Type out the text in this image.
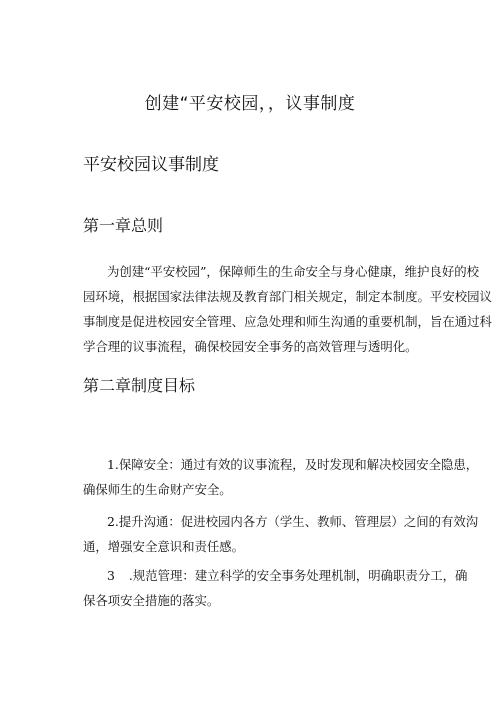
创建“平安校园，，议事制度
平安校园议事制度
第一章总则
为创建“平安校园”，保障师生的生命安全与身心健康，维护良好的校
园环境，根据国家法律法规及教育部门相关规定，制定本制度。平安校园议
事制度是促进校园安全管理、应急处理和师生沟通的重要机制，旨在通过科
学合理的议事流程，确保校园安全事务的高效管理与透明化。
第二章制度目标
1.保障安全：通过有效的议事流程，及时发现和解决校园安全隐患，
确保师生的生命财产安全。
2.提升沟通：促进校园内各方（学生、教师、管理层）之间的有效沟
通，增强安全意识和责任感。
3 .规范管理：建立科学的安全事务处理机制，明确职责分工，确
保各项安全措施的落实。
